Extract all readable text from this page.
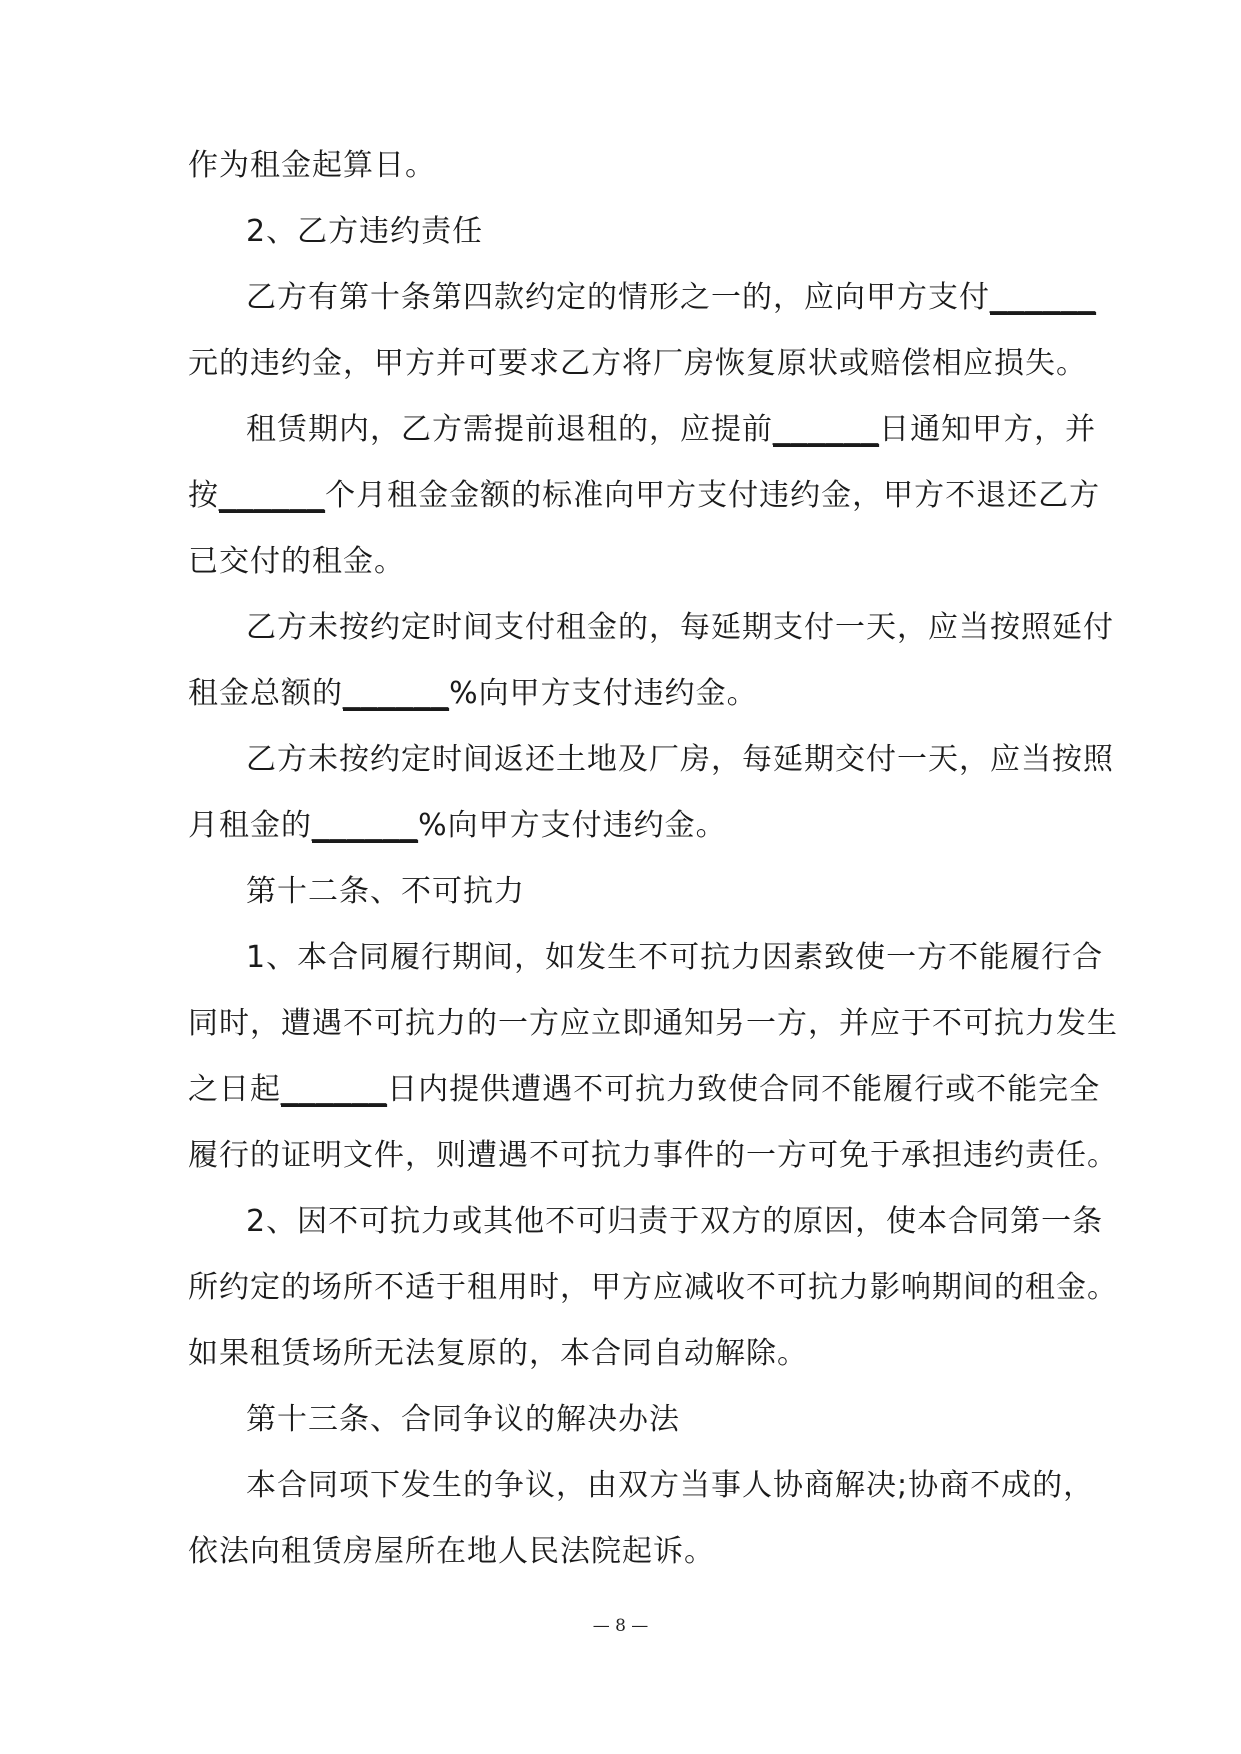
作为租金起算日。
2、乙方违约责任
乙方有第十条第四款约定的情形之一的，应向甲方支付______
元的违约金，甲方并可要求乙方将厂房恢复原状或赔偿相应损失。
租赁期内，乙方需提前退租的，应提前______日通知甲方，并
按______个月租金金额的标准向甲方支付违约金，甲方不退还乙方
已交付的租金。
乙方未按约定时间支付租金的，每延期支付一天，应当按照延付
租金总额的______%向甲方支付违约金。
乙方未按约定时间返还土地及厂房，每延期交付一天，应当按照
月租金的______%向甲方支付违约金。
第十二条、不可抗力
1、本合同履行期间，如发生不可抗力因素致使一方不能履行合
同时，遭遇不可抗力的一方应立即通知另一方，并应于不可抗力发生
之日起______日内提供遭遇不可抗力致使合同不能履行或不能完全
履行的证明文件，则遭遇不可抗力事件的一方可免于承担违约责任。
2、因不可抗力或其他不可归责于双方的原因，使本合同第一条
所约定的场所不适于租用时，甲方应减收不可抗力影响期间的租金。
如果租赁场所无法复原的，本合同自动解除。
第十三条、合同争议的解决办法
本合同项下发生的争议，由双方当事人协商解决;协商不成的，
依法向租赁房屋所在地人民法院起诉。
— 8 —
